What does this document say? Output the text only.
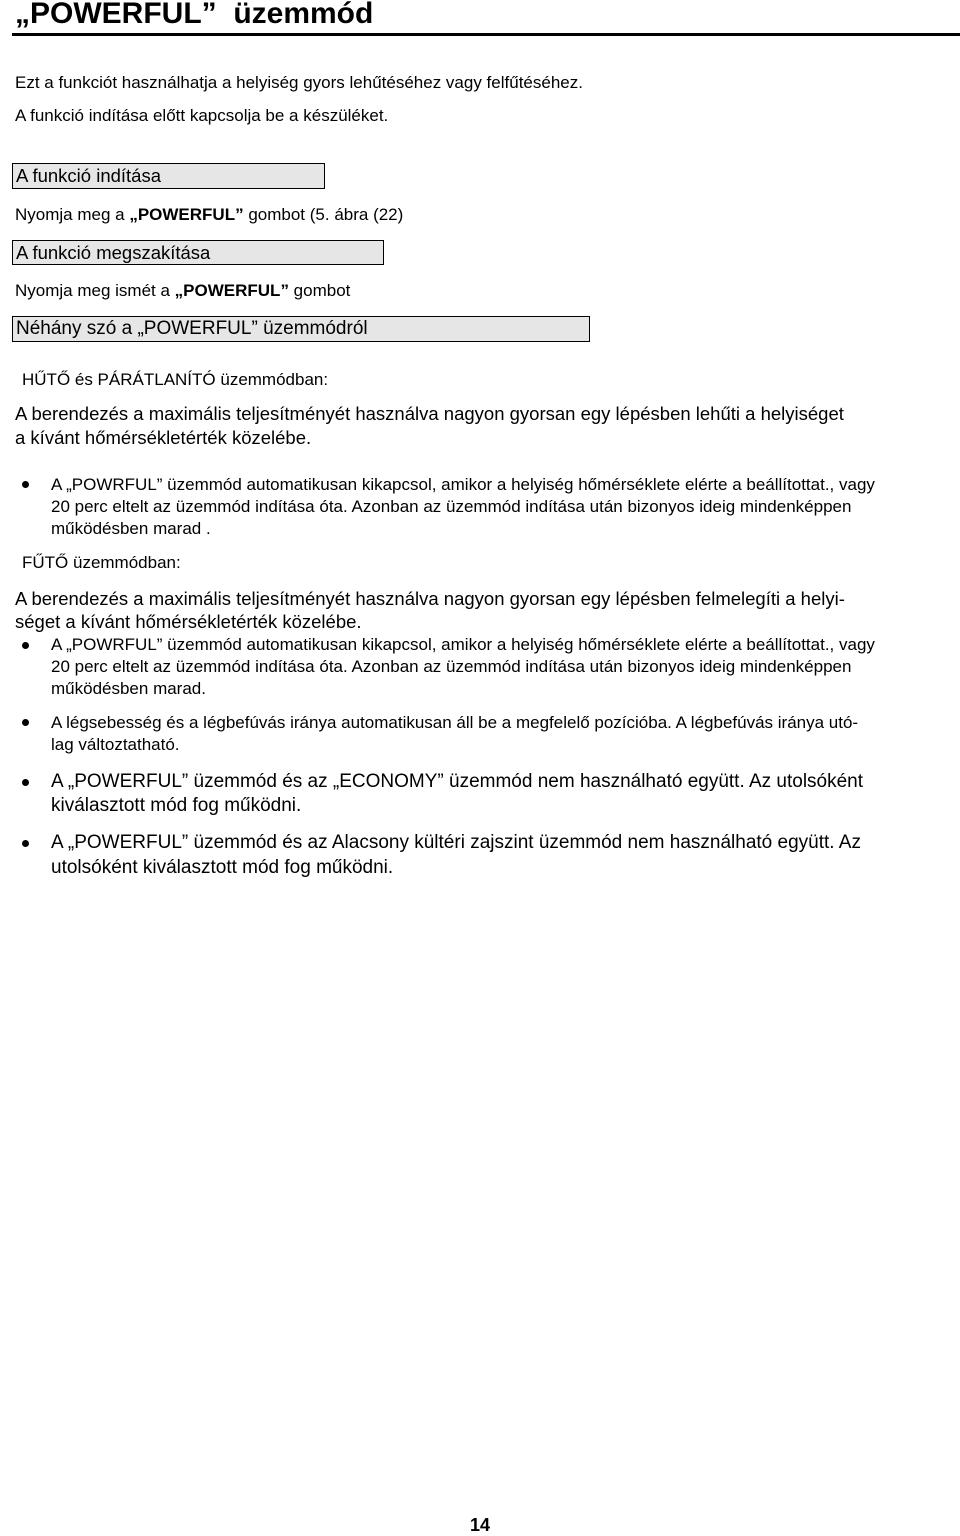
„POWERFUL”  üzemmód
Ezt a funkciót használhatja a helyiség gyors lehűtéséhez vagy felfűtéséhez.
A funkció indítása előtt kapcsolja be a készüléket.
A funkció indítása
Nyomja meg a „POWERFUL” gombot (5. ábra (22)
A funkció megszakítása
Nyomja meg ismét a „POWERFUL” gombot
Néhány szó a „POWERFUL” üzemmódról
HŰTŐ és PÁRÁTLANÍTÓ üzemmódban:
A berendezés a maximális teljesítményét használva nagyon gyorsan egy lépésben lehűti a helyiséget
a kívánt hőmérsékletérték közelébe.
A „POWRFUL” üzemmód automatikusan kikapcsol, amikor a helyiség hőmérséklete elérte a beállítottat., vagy
20 perc eltelt az üzemmód indítása óta. Azonban az üzemmód indítása után bizonyos ideig mindenképpen
működésben marad .
FŰTŐ üzemmódban:
A berendezés a maximális teljesítményét használva nagyon gyorsan egy lépésben felmelegíti a helyi-
séget a kívánt hőmérsékletérték közelébe.
A „POWRFUL” üzemmód automatikusan kikapcsol, amikor a helyiség hőmérséklete elérte a beállítottat., vagy
20 perc eltelt az üzemmód indítása óta. Azonban az üzemmód indítása után bizonyos ideig mindenképpen
működésben marad.
A légsebesség és a légbefúvás iránya automatikusan áll be a megfelelő pozícióba. A légbefúvás iránya utó-
lag változtatható.
A „POWERFUL” üzemmód és az „ECONOMY” üzemmód nem használható együtt. Az utolsóként
kiválasztott mód fog működni.
A „POWERFUL” üzemmód és az Alacsony kültéri zajszint üzemmód nem használható együtt. Az
utolsóként kiválasztott mód fog működni.
14
